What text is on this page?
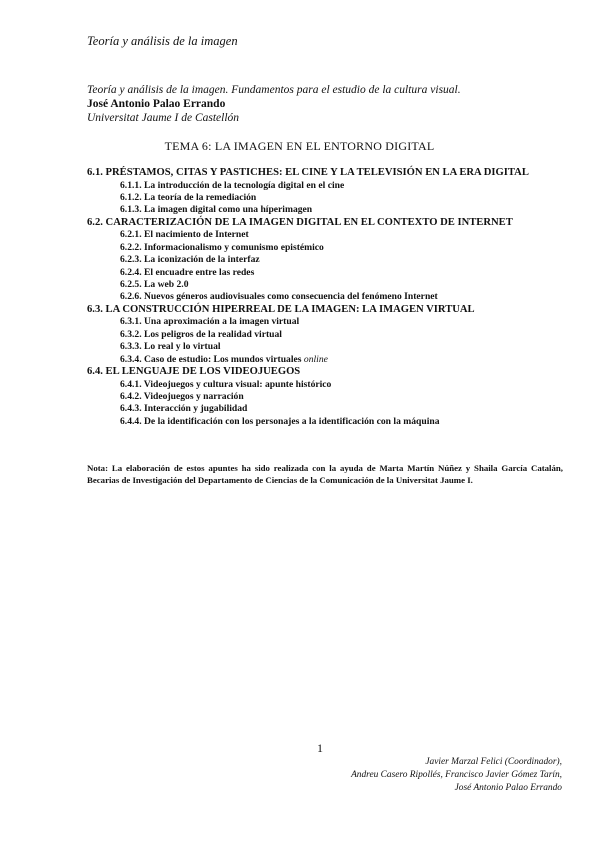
Teoría y análisis de la imagen
Teoría y análisis de la imagen. Fundamentos para el estudio de la cultura visual.
José Antonio Palao Errando
Universitat Jaume I de Castellón
TEMA 6: LA IMAGEN EN EL ENTORNO DIGITAL
6.1. PRÉSTAMOS, CITAS Y PASTICHES: EL CINE Y LA TELEVISIÓN EN LA ERA DIGITAL
6.1.1. La introducción de la tecnología digital en el cine
6.1.2. La teoría de la remediación
6.1.3. La imagen digital como una híperimagen
6.2. CARACTERIZACIÓN DE LA IMAGEN DIGITAL EN EL CONTEXTO DE INTERNET
6.2.1. El nacimiento de Internet
6.2.2. Informacionalismo y comunismo epistémico
6.2.3. La iconización de la interfaz
6.2.4. El encuadre entre las redes
6.2.5. La web 2.0
6.2.6. Nuevos géneros audiovisuales como consecuencia del fenómeno Internet
6.3. LA CONSTRUCCIÓN HIPERREAL DE LA IMAGEN: LA IMAGEN VIRTUAL
6.3.1. Una aproximación a la imagen virtual
6.3.2. Los peligros de la realidad virtual
6.3.3. Lo real y lo virtual
6.3.4. Caso de estudio: Los mundos virtuales online
6.4. EL LENGUAJE DE LOS VIDEOJUEGOS
6.4.1. Videojuegos y cultura visual: apunte histórico
6.4.2. Videojuegos y narración
6.4.3. Interacción y jugabilidad
6.4.4. De la identificación con los personajes a la identificación con la máquina
Nota: La elaboración de estos apuntes ha sido realizada con la ayuda de Marta Martín Núñez y Shaila García Catalán, Becarias de Investigación del Departamento de Ciencias de la Comunicación de la Universitat Jaume I.
1
Javier Marzal Felici (Coordinador),
Andreu Casero Ripollés, Francisco Javier Gómez Tarín,
José Antonio Palao Errando
